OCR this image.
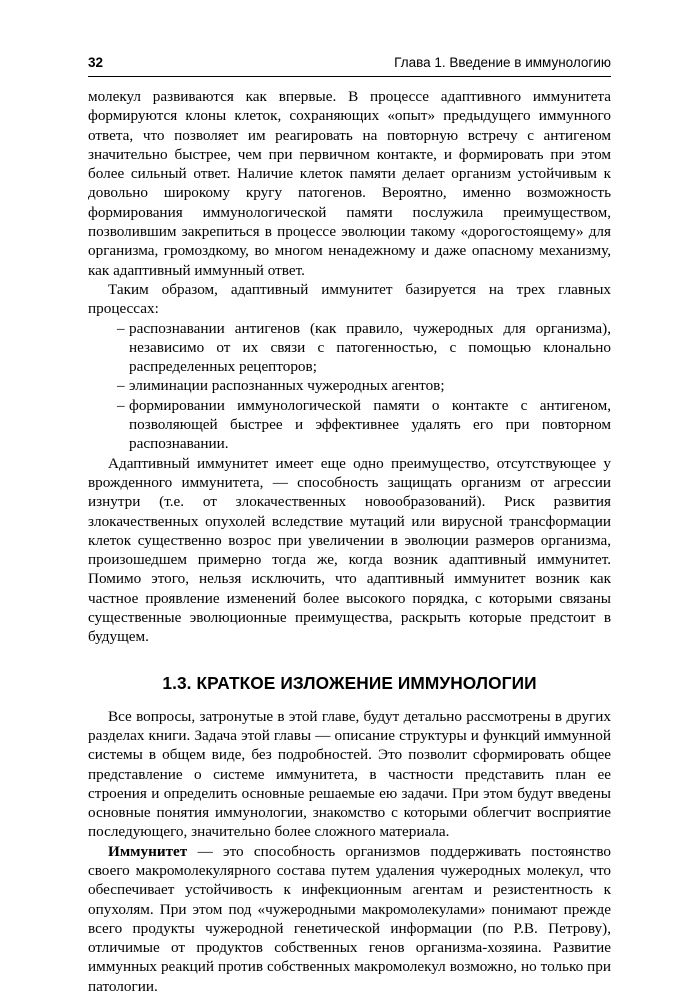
32	Глава 1. Введение в иммунологию

молекул развиваются как впервые. В процессе адаптивного иммунитета формируются клоны клеток, сохраняющих «опыт» предыдущего иммунного ответа, что позволяет им реагировать на повторную встречу с антигеном значительно быстрее, чем при первичном контакте, и формировать при этом более сильный ответ. Наличие клеток памяти делает организм устойчивым к довольно широкому кругу патогенов. Вероятно, именно возможность формирования иммунологической памяти послужила преимуществом, позволившим закрепиться в процессе эволюции такому «дорогостоящему» для организма, громоздкому, во многом ненадежному и даже опасному механизму, как адаптивный иммунный ответ.

Таким образом, адаптивный иммунитет базируется на трех главных процессах:

– распознавании антигенов (как правило, чужеродных для организма), независимо от их связи с патогенностью, с помощью клонально распределенных рецепторов;
– элиминации распознанных чужеродных агентов;
– формировании иммунологической памяти о контакте с антигеном, позволяющей быстрее и эффективнее удалять его при повторном распознавании.

Адаптивный иммунитет имеет еще одно преимущество, отсутствующее у врожденного иммунитета, — способность защищать организм от агрессии изнутри (т.е. от злокачественных новообразований). Риск развития злокачественных опухолей вследствие мутаций или вирусной трансформации клеток существенно возрос при увеличении в эволюции размеров организма, произошедшем примерно тогда же, когда возник адаптивный иммунитет. Помимо этого, нельзя исключить, что адаптивный иммунитет возник как частное проявление изменений более высокого порядка, с которыми связаны существенные эволюционные преимущества, раскрыть которые предстоит в будущем.

1.3. КРАТКОЕ ИЗЛОЖЕНИЕ ИММУНОЛОГИИ

Все вопросы, затронутые в этой главе, будут детально рассмотрены в других разделах книги. Задача этой главы — описание структуры и функций иммунной системы в общем виде, без подробностей. Это позволит сформировать общее представление о системе иммунитета, в частности представить план ее строения и определить основные решаемые ею задачи. При этом будут введены основные понятия иммунологии, знакомство с которыми облегчит восприятие последующего, значительно более сложного материала.

Иммунитет — это способность организмов поддерживать постоянство своего макромолекулярного состава путем удаления чужеродных молекул, что обеспечивает устойчивость к инфекционным агентам и резистентность к опухолям. При этом под «чужеродными макромолекулами» понимают прежде всего продукты чужеродной генетической информации (по Р.В. Петрову), отличимые от продуктов собственных генов организма-хозяина. Развитие иммунных реакций против собственных макромолекул возможно, но только при патологии.
